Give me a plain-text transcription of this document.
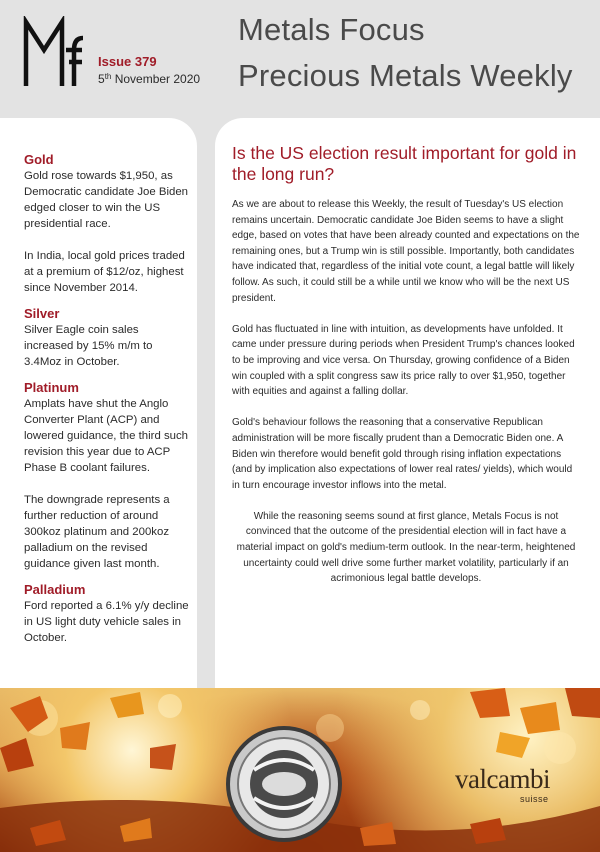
Issue 379
5th November 2020
Metals Focus
Precious Metals Weekly
Gold
Gold rose towards $1,950, as Democratic candidate Joe Biden edged closer to win the US presidential race.
In India, local gold prices traded at a premium of $12/oz, highest since November 2014.
Silver
Silver Eagle coin sales increased by 15% m/m to 3.4Moz in October.
Platinum
Amplats have shut the Anglo Converter Plant (ACP) and lowered guidance, the third such revision this year due to ACP Phase B coolant failures.
The downgrade represents a further reduction of around 300koz platinum and 200koz palladium on the revised guidance given last month.
Palladium
Ford reported a 6.1% y/y decline in US light duty vehicle sales in October.
Is the US election result important for gold in the long run?

As we are about to release this Weekly, the result of Tuesday's US election remains uncertain. Democratic candidate Joe Biden seems to have a slight edge, based on votes that have been already counted and expectations on the remaining ones, but a Trump win is still possible. Importantly, both candidates have indicated that, regardless of the initial vote count, a legal battle will likely follow. As such, it could still be a while until we know who will be the next US president.

Gold has fluctuated in line with intuition, as developments have unfolded. It came under pressure during periods when President Trump's chances looked to be improving and vice versa. On Thursday, growing confidence of a Biden win coupled with a split congress saw its price rally to over $1,950, together with equities and against a falling dollar.

Gold's behaviour follows the reasoning that a conservative Republican administration will be more fiscally prudent than a Democratic Biden one. A Biden win therefore would benefit gold through rising inflation expectations (and by implication also expectations of lower real rates/ yields), which would in turn encourage investor inflows into the metal.

While the reasoning seems sound at first glance, Metals Focus is not convinced that the outcome of the presidential election will in fact have a material impact on gold's medium-term outlook. In the near-term, heightened uncertainty could well drive some further market volatility, particularly if an acrimonious legal battle develops.

valcambi
suisse
